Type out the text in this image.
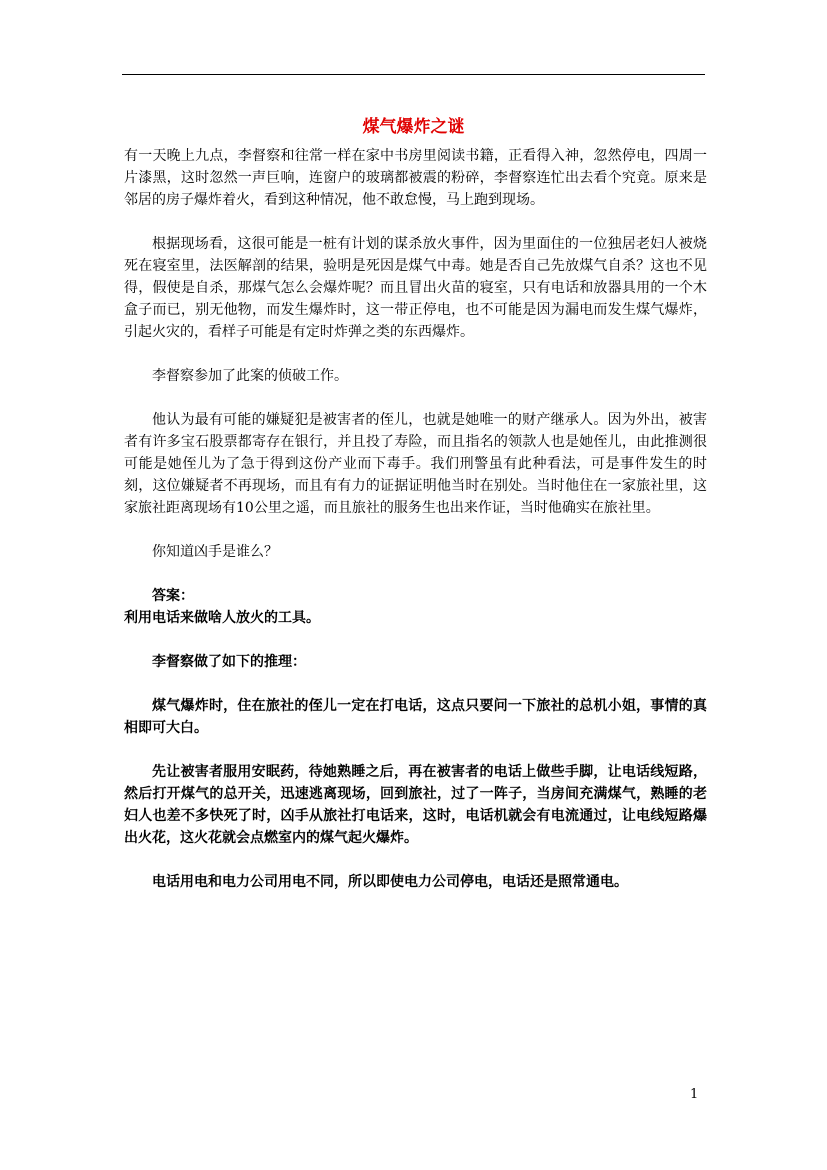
煤气爆炸之谜

有一天晚上九点，李督察和往常一样在家中书房里阅读书籍，正看得入神，忽然停电，四周一片漆黑，这时忽然一声巨响，连窗户的玻璃都被震的粉碎，李督察连忙出去看个究竟。原来是邻居的房子爆炸着火，看到这种情况，他不敢怠慢，马上跑到现场。

根据现场看，这很可能是一桩有计划的谋杀放火事件，因为里面住的一位独居老妇人被烧死在寝室里，法医解剖的结果，验明是死因是煤气中毒。她是否自己先放煤气自杀？这也不见得，假使是自杀，那煤气怎么会爆炸呢？而且冒出火苗的寝室，只有电话和放器具用的一个木盒子而已，别无他物，而发生爆炸时，这一带正停电，也不可能是因为漏电而发生煤气爆炸，引起火灾的，看样子可能是有定时炸弹之类的东西爆炸。

李督察参加了此案的侦破工作。

他认为最有可能的嫌疑犯是被害者的侄儿，也就是她唯一的财产继承人。因为外出，被害者有许多宝石股票都寄存在银行，并且投了寿险，而且指名的领款人也是她侄儿，由此推测很可能是她侄儿为了急于得到这份产业而下毒手。我们刑警虽有此种看法，可是事件发生的时刻，这位嫌疑者不再现场，而且有有力的证据证明他当时在别处。当时他住在一家旅社里，这家旅社距离现场有10公里之遥，而且旅社的服务生也出来作证，当时他确实在旅社里。

你知道凶手是谁么？

答案：

利用电话来做啥人放火的工具。

李督察做了如下的推理：

煤气爆炸时，住在旅社的侄儿一定在打电话，这点只要问一下旅社的总机小姐，事情的真相即可大白。

先让被害者服用安眠药，待她熟睡之后，再在被害者的电话上做些手脚，让电话线短路，然后打开煤气的总开关，迅速逃离现场，回到旅社，过了一阵子，当房间充满煤气，熟睡的老妇人也差不多快死了时，凶手从旅社打电话来，这时，电话机就会有电流通过，让电线短路爆出火花，这火花就会点燃室内的煤气起火爆炸。

电话用电和电力公司用电不同，所以即使电力公司停电，电话还是照常通电。

1
